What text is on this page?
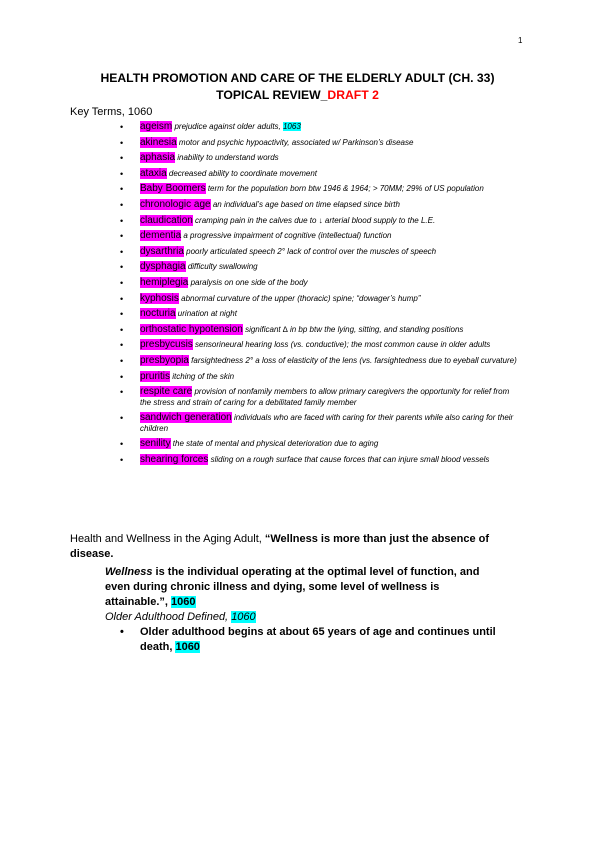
1
HEALTH PROMOTION AND CARE OF THE ELDERLY ADULT (CH. 33)
TOPICAL REVIEW_DRAFT 2
Key Terms, 1060
• ageism prejudice against older adults, 1063
• akinesia motor and psychic hypoactivity, associated w/ Parkinson’s disease
• aphasia inability to understand words
• ataxia decreased ability to coordinate movement
• Baby Boomers term for the population born btw 1946 & 1964; > 70MM; 29% of US population
• chronologic age an individual’s age based on time elapsed since birth
• claudication cramping pain in the calves due to ↓ arterial blood supply to the L.E.
• dementia a progressive impairment of cognitive (intellectual) function
• dysarthria poorly articulated speech 2° lack of control over the muscles of speech
• dysphagia difficulty swallowing
• hemiplegia paralysis on one side of the body
• kyphosis abnormal curvature of the upper (thoracic) spine; “dowager’s hump”
• nocturia urination at night
• orthostatic hypotension significant ∆ in bp btw the lying, sitting, and standing positions
• presbycusis sensorineural hearing loss (vs. conductive); the most common cause in older adults
• presbyopia farsightedness 2° a loss of elasticity of the lens (vs. farsightedness due to eyeball curvature)
• pruritis itching of the skin
• respite care provision of nonfamily members to allow primary caregivers the opportunity for relief from the stress and strain of caring for a debilitated family member
• sandwich generation individuals who are faced with caring for their parents while also caring for their children
• senility the state of mental and physical deterioration due to aging
• shearing forces sliding on a rough surface that cause forces that can injure small blood vessels
Health and Wellness in the Aging Adult, “Wellness is more than just the absence of disease.
Wellness is the individual operating at the optimal level of function, and even during chronic illness and dying, some level of wellness is attainable.”, 1060
Older Adulthood Defined, 1060
• Older adulthood begins at about 65 years of age and continues until death, 1060
